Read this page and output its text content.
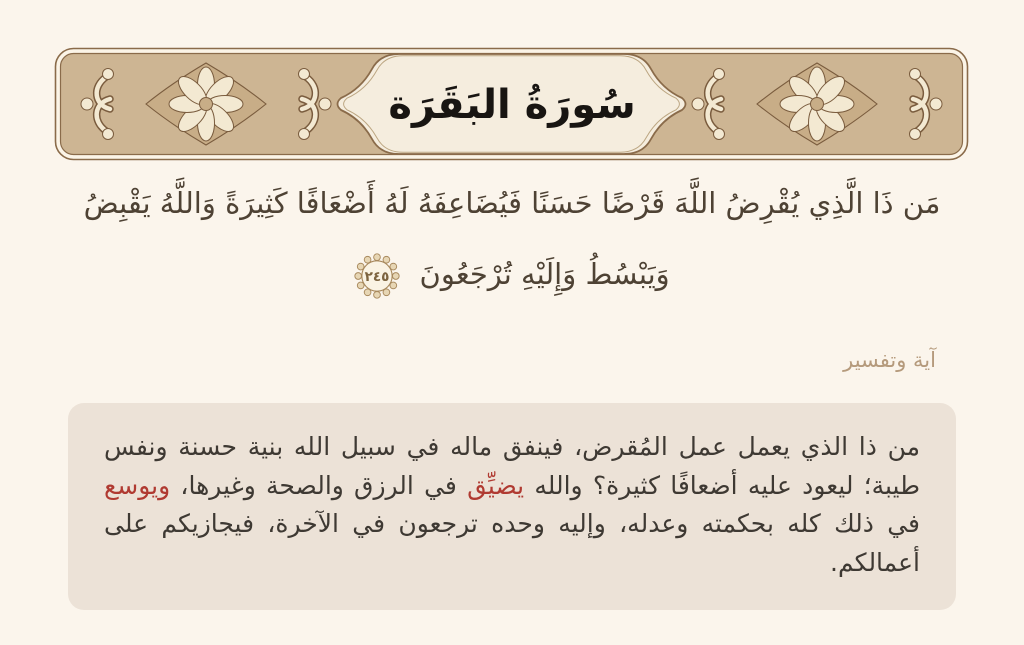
سُورَةُ البَقَرَة
مَن ذَا الَّذِي يُقْرِضُ اللَّهَ قَرْضًا حَسَنًا فَيُضَاعِفَهُ لَهُ أَضْعَافًا كَثِيرَةً وَاللَّهُ يَقْبِضُ
وَيَبْسُطُ وَإِلَيْهِ تُرْجَعُونَ
٢٤٥
آية وتفسير
من ذا الذي يعمل عمل المُقرض، فينفق ماله في سبيل الله بنية حسنة ونفس طيبة؛ ليعود عليه أضعافًا كثيرة؟ والله يضيِّق في الرزق والصحة وغيرها، ويوسع في ذلك كله بحكمته وعدله، وإليه وحده ترجعون في الآخرة، فيجازيكم على أعمالكم.
